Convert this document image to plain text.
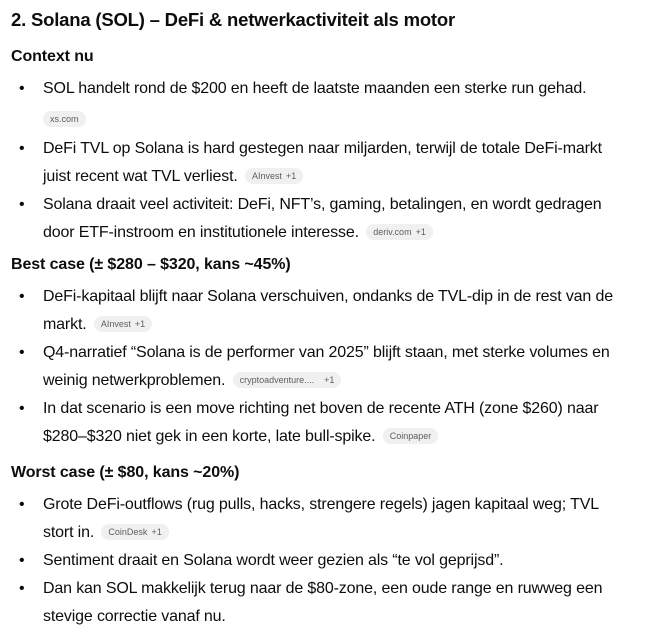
2. Solana (SOL) – DeFi & netwerkactiviteit als motor
Context nu
• SOL handelt rond de $200 en heeft de laatste maanden een sterke run gehad.
xs.com
• DeFi TVL op Solana is hard gestegen naar miljarden, terwijl de totale DeFi-markt juist recent wat TVL verliest. AInvest +1
• Solana draait veel activiteit: DeFi, NFT’s, gaming, betalingen, en wordt gedragen door ETF-instroom en institutionele interesse. deriv.com +1
Best case (± $280 – $320, kans ~45%)
• DeFi-kapitaal blijft naar Solana verschuiven, ondanks de TVL-dip in de rest van de markt. AInvest +1
• Q4-narratief “Solana is de performer van 2025” blijft staan, met sterke volumes en weinig netwerkproblemen. cryptoadventure.... +1
• In dat scenario is een move richting net boven de recente ATH (zone $260) naar $280–$320 niet gek in een korte, late bull-spike. Coinpaper
Worst case (± $80, kans ~20%)
• Grote DeFi-outflows (rug pulls, hacks, strengere regels) jagen kapitaal weg; TVL stort in. CoinDesk +1
• Sentiment draait en Solana wordt weer gezien als “te vol geprijsd”.
• Dan kan SOL makkelijk terug naar de $80-zone, een oude range en ruwweg een stevige correctie vanaf nu.
